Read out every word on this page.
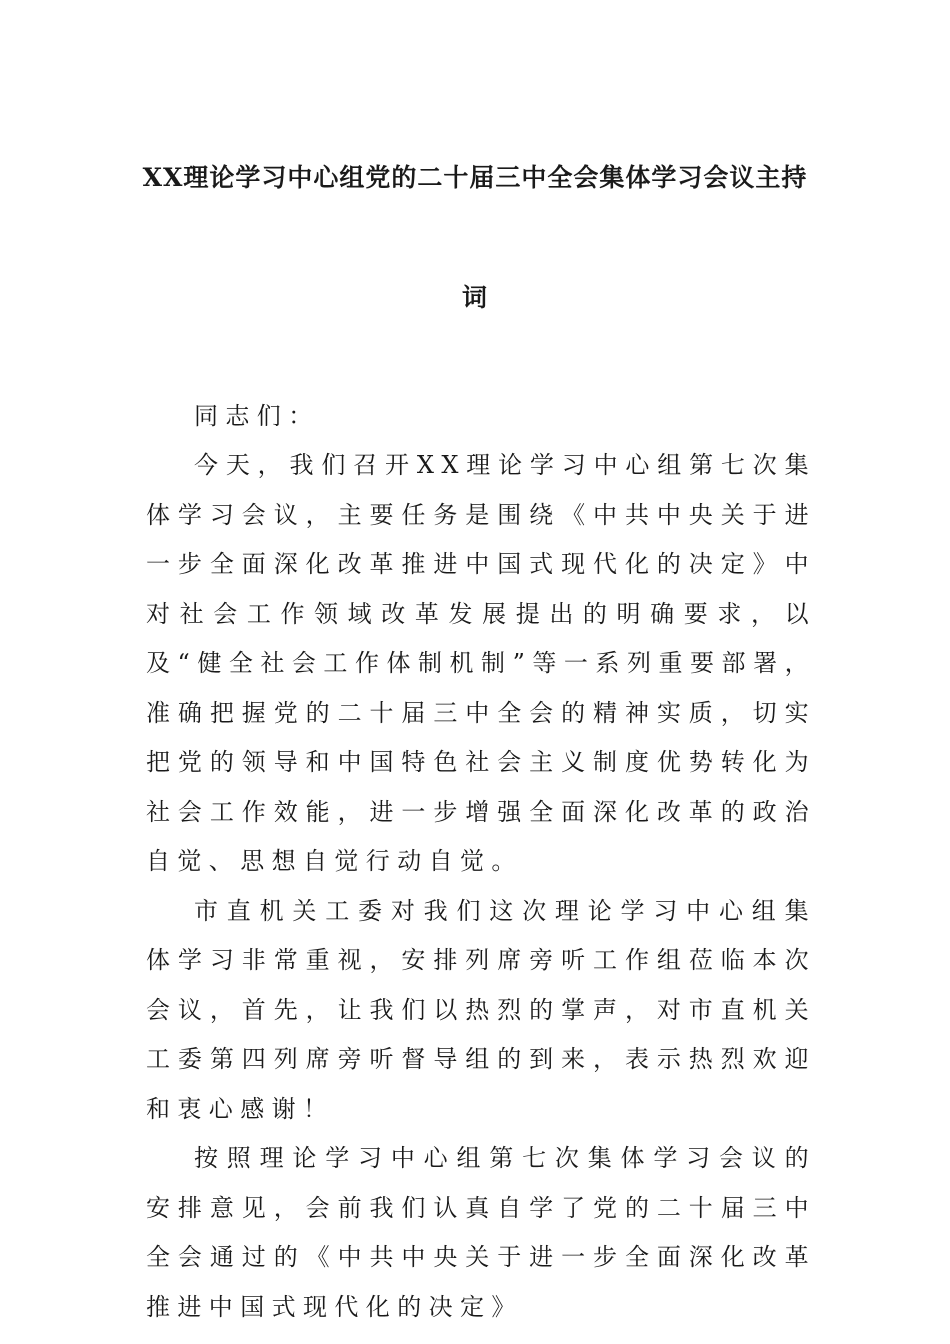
XX理论学习中心组党的二十届三中全会集体学习会议主持
词

同志们：

今天，我们召开XX理论学习中心组第七次集体学习会议，主要任务是围绕《中共中央关于进一步全面深化改革推进中国式现代化的决定》中对社会工作领域改革发展提出的明确要求，以及“健全社会工作体制机制”等一系列重要部署，准确把握党的二十届三中全会的精神实质，切实把党的领导和中国特色社会主义制度优势转化为社会工作效能，进一步增强全面深化改革的政治自觉、思想自觉行动自觉。

市直机关工委对我们这次理论学习中心组集体学习非常重视，安排列席旁听工作组莅临本次会议，首先，让我们以热烈的掌声，对市直机关工委第四列席旁听督导组的到来，表示热烈欢迎和衷心感谢！

按照理论学习中心组第七次集体学习会议的安排意见，会前我们认真自学了党的二十届三中全会通过的《中共中央关于进一步全面深化改革推进中国式现代化的决定》
